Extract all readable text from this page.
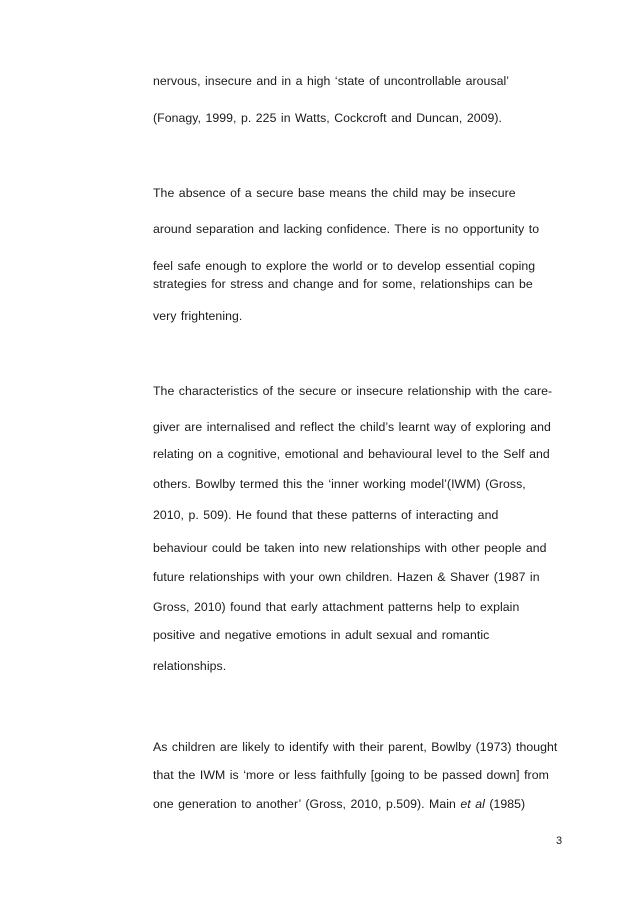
nervous, insecure and in a high ‘state of uncontrollable arousal’
(Fonagy, 1999, p. 225 in Watts, Cockcroft and Duncan, 2009).
The absence of a secure base means the child may be insecure
around separation and lacking confidence. There is no opportunity to
feel safe enough to explore the world or to develop essential coping
strategies for stress and change and for some, relationships can be
very frightening.
The characteristics of the secure or insecure relationship with the care-
giver are internalised and reflect the child’s learnt way of exploring and
relating on a cognitive, emotional and behavioural level to the Self and
others. Bowlby termed this the ‘inner working model’(IWM) (Gross,
2010, p. 509). He found that these patterns of interacting and
behaviour could be taken into new relationships with other people and
future relationships with your own children. Hazen & Shaver (1987 in
Gross, 2010) found that early attachment patterns help to explain
positive and negative emotions in adult sexual and romantic
relationships.
As children are likely to identify with their parent, Bowlby (1973) thought
that the IWM is ‘more or less faithfully [going to be passed down] from
one generation to another’ (Gross, 2010, p.509). Main et al (1985)
3
